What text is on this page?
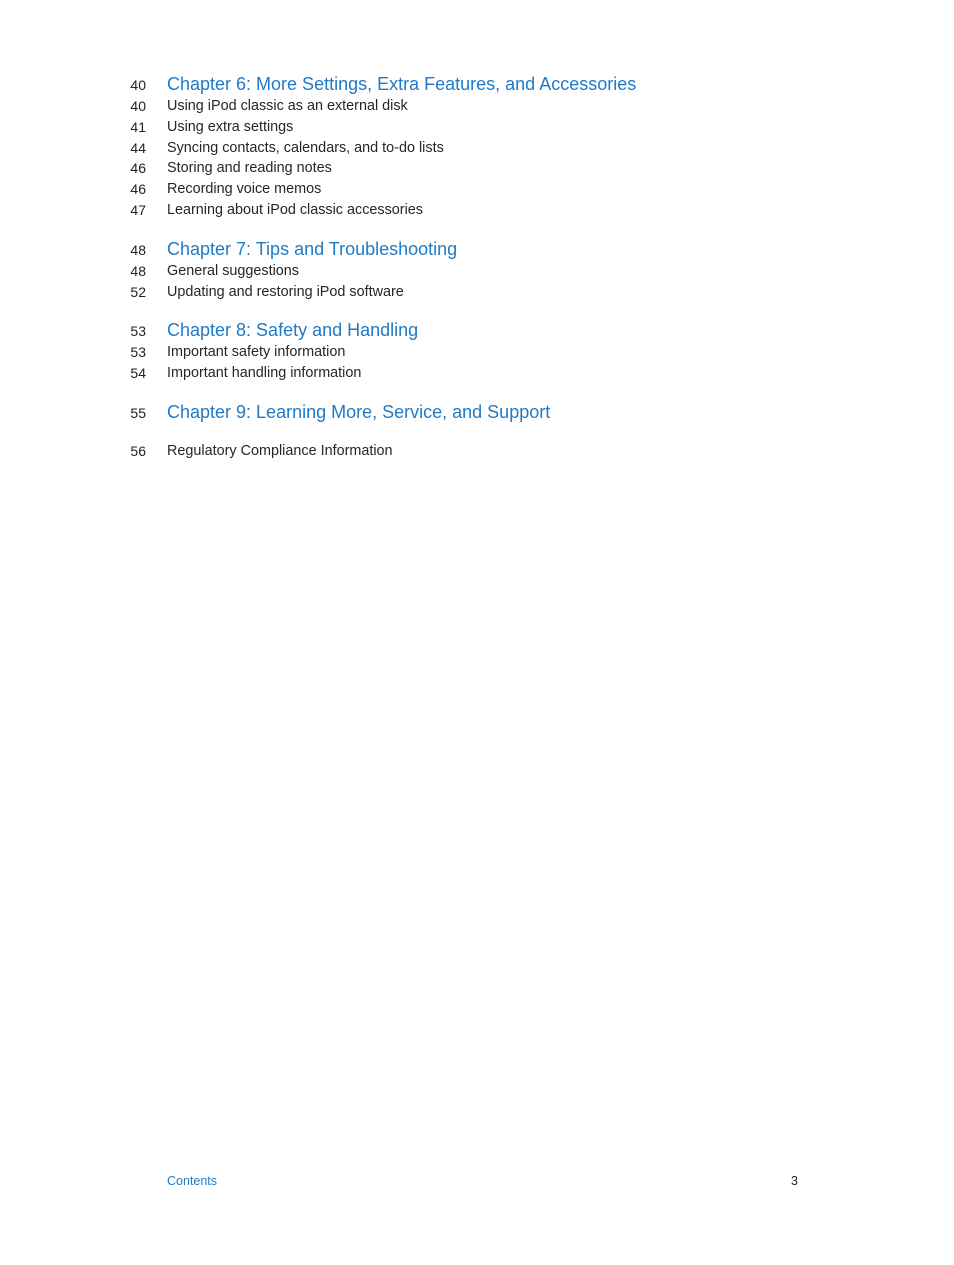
40 Chapter 6: More Settings, Extra Features, and Accessories
40 Using iPod classic as an external disk
41 Using extra settings
44 Syncing contacts, calendars, and to-do lists
46 Storing and reading notes
46 Recording voice memos
47 Learning about iPod classic accessories
48 Chapter 7: Tips and Troubleshooting
48 General suggestions
52 Updating and restoring iPod software
53 Chapter 8: Safety and Handling
53 Important safety information
54 Important handling information
55 Chapter 9: Learning More, Service, and Support
56 Regulatory Compliance Information
Contents	3
